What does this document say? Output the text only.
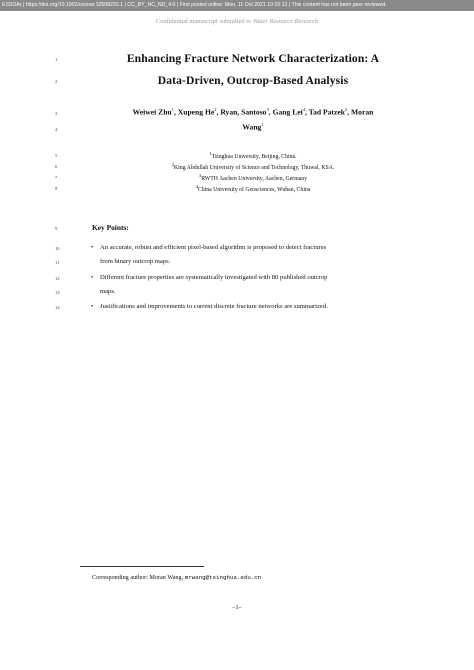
ESSOAr | https://doi.org/10.1002/essoar.10508232.1 | CC_BY_NC_ND_4.0 | First posted online: Mon, 11 Oct 2021 10:15:12 | This content has not been peer reviewed.
Confidential manuscript submitted to Water Resource Research
1
2
3
4
5
6
7
8
9
10
11
12
13
14
Enhancing Fracture Network Characterization: A
Data-Driven, Outcrop-Based Analysis
Weiwei Zhu$^1$, Xupeng He$^2$, Ryan, Santoso$^3$, Gang Lei$^4$, Tad Patzek$^2$, Moran
Wang$^1$
$^1$Tsinghua University, Beijing, China.
$^2$King Abdullah University of Science and Technology, Thuwal, KSA.
$^3$RWTH Aachen University, Aachen, Germany
$^4$China University of Geosciences, Wuhan, China
Key Points:
•	An accurate, robust and efficient pixel-based algorithm is proposed to detect fractures
from binary outcrop maps.
•	Different fracture properties are systematically investigated with 80 published outcrop
maps.
•	Justifications and improvements to current discrete fracture networks are summarized.
Corresponding author: Moran Wang, mrwang@tsinghua.edu.cn
–1–
